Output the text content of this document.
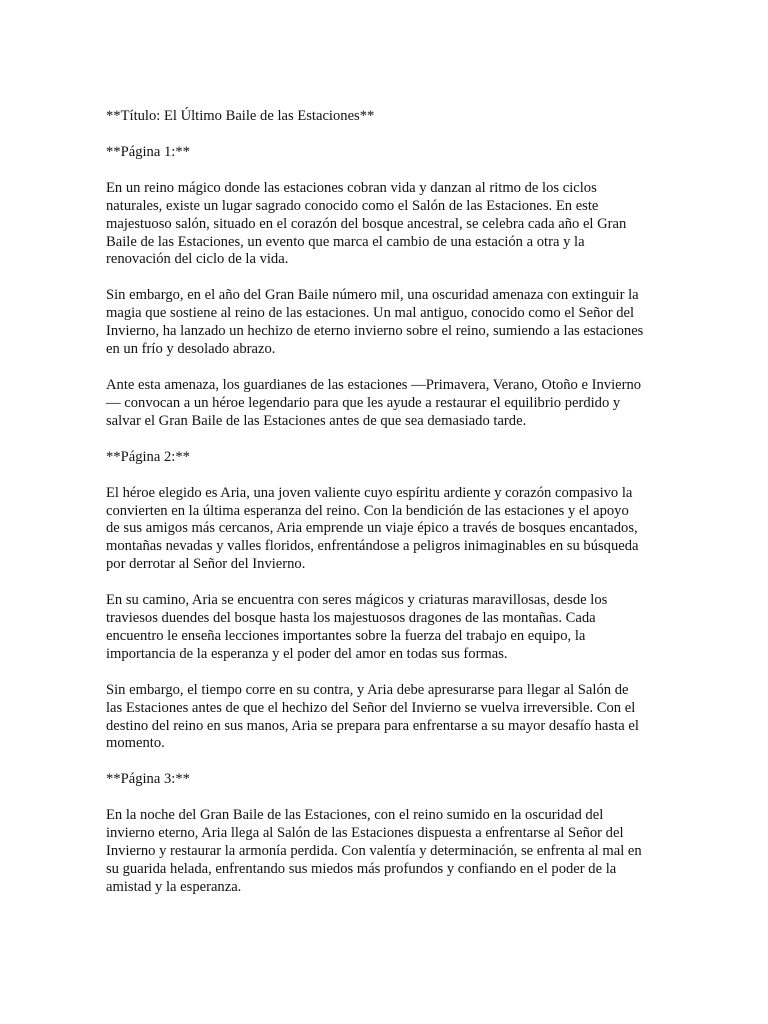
**Título: El Último Baile de las Estaciones**

**Página 1:**

En un reino mágico donde las estaciones cobran vida y danzan al ritmo de los ciclos
naturales, existe un lugar sagrado conocido como el Salón de las Estaciones. En este
majestuoso salón, situado en el corazón del bosque ancestral, se celebra cada año el Gran
Baile de las Estaciones, un evento que marca el cambio de una estación a otra y la
renovación del ciclo de la vida.

Sin embargo, en el año del Gran Baile número mil, una oscuridad amenaza con extinguir la
magia que sostiene al reino de las estaciones. Un mal antiguo, conocido como el Señor del
Invierno, ha lanzado un hechizo de eterno invierno sobre el reino, sumiendo a las estaciones
en un frío y desolado abrazo.

Ante esta amenaza, los guardianes de las estaciones —Primavera, Verano, Otoño e Invierno
— convocan a un héroe legendario para que les ayude a restaurar el equilibrio perdido y
salvar el Gran Baile de las Estaciones antes de que sea demasiado tarde.

**Página 2:**

El héroe elegido es Aria, una joven valiente cuyo espíritu ardiente y corazón compasivo la
convierten en la última esperanza del reino. Con la bendición de las estaciones y el apoyo
de sus amigos más cercanos, Aria emprende un viaje épico a través de bosques encantados,
montañas nevadas y valles floridos, enfrentándose a peligros inimaginables en su búsqueda
por derrotar al Señor del Invierno.

En su camino, Aria se encuentra con seres mágicos y criaturas maravillosas, desde los
traviesos duendes del bosque hasta los majestuosos dragones de las montañas. Cada
encuentro le enseña lecciones importantes sobre la fuerza del trabajo en equipo, la
importancia de la esperanza y el poder del amor en todas sus formas.

Sin embargo, el tiempo corre en su contra, y Aria debe apresurarse para llegar al Salón de
las Estaciones antes de que el hechizo del Señor del Invierno se vuelva irreversible. Con el
destino del reino en sus manos, Aria se prepara para enfrentarse a su mayor desafío hasta el
momento.

**Página 3:**

En la noche del Gran Baile de las Estaciones, con el reino sumido en la oscuridad del
invierno eterno, Aria llega al Salón de las Estaciones dispuesta a enfrentarse al Señor del
Invierno y restaurar la armonía perdida. Con valentía y determinación, se enfrenta al mal en
su guarida helada, enfrentando sus miedos más profundos y confiando en el poder de la
amistad y la esperanza.
